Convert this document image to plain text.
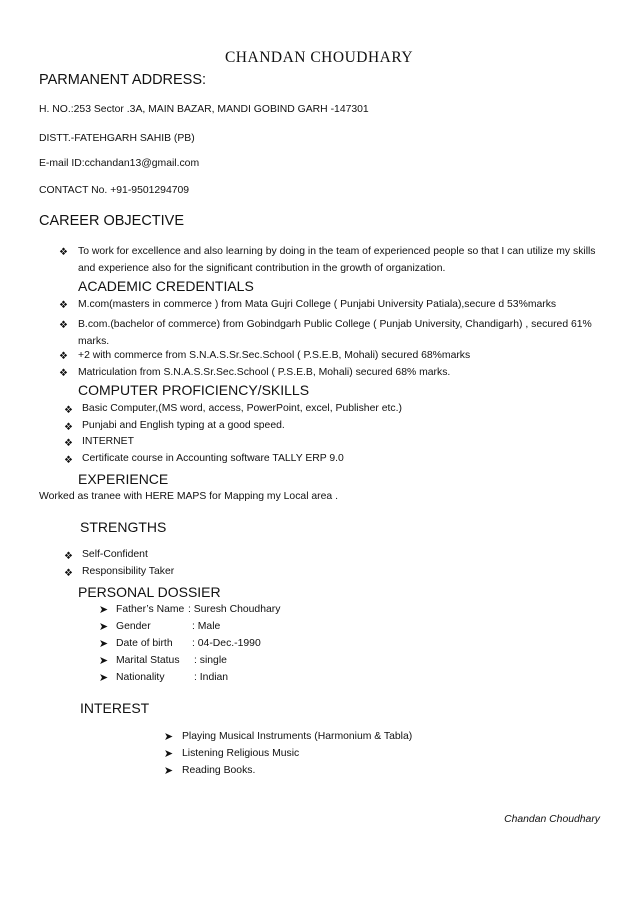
CHANDAN CHOUDHARY
PARMANENT ADDRESS:
H. NO.:253 Sector .3A, MAIN BAZAR, MANDI GOBIND GARH -147301
DISTT.-FATEHGARH SAHIB (PB)
E-mail ID:cchandan13@gmail.com
CONTACT No. +91-9501294709
CAREER OBJECTIVE
❖ To work for excellence and also learning by doing in the team of experienced people so that I can utilize my skills and experience also for the significant contribution in the growth of organization.
ACADEMIC CREDENTIALS
❖ M.com(masters in commerce ) from Mata Gujri College ( Punjabi University Patiala),secure d 53%marks
❖ B.com.(bachelor of commerce) from Gobindgarh Public College ( Punjab University, Chandigarh) , secured 61% marks.
❖ +2 with commerce from S.N.A.S.Sr.Sec.School ( P.S.E.B, Mohali) secured 68%marks
❖ Matriculation from S.N.A.S.Sr.Sec.School ( P.S.E.B, Mohali) secured 68% marks.
COMPUTER PROFICIENCY/SKILLS
❖ Basic Computer,(MS word, access, PowerPoint, excel, Publisher etc.)
❖ Punjabi and English typing at a good speed.
❖ INTERNET
❖ Certificate course in Accounting software TALLY ERP 9.0
EXPERIENCE
Worked as tranee with HERE MAPS for Mapping my Local area .
STRENGTHS
❖ Self-Confident
❖ Responsibility Taker
PERSONAL DOSSIER
➤ Father’s Name : Suresh Choudhary
➤ Gender	: Male
➤ Date of birth : 04-Dec.-1990
➤ Marital Status : single
➤ Nationality	: Indian
INTEREST
➤ Playing Musical Instruments (Harmonium & Tabla)
➤ Listening Religious Music
➤ Reading Books.
Chandan Choudhary
